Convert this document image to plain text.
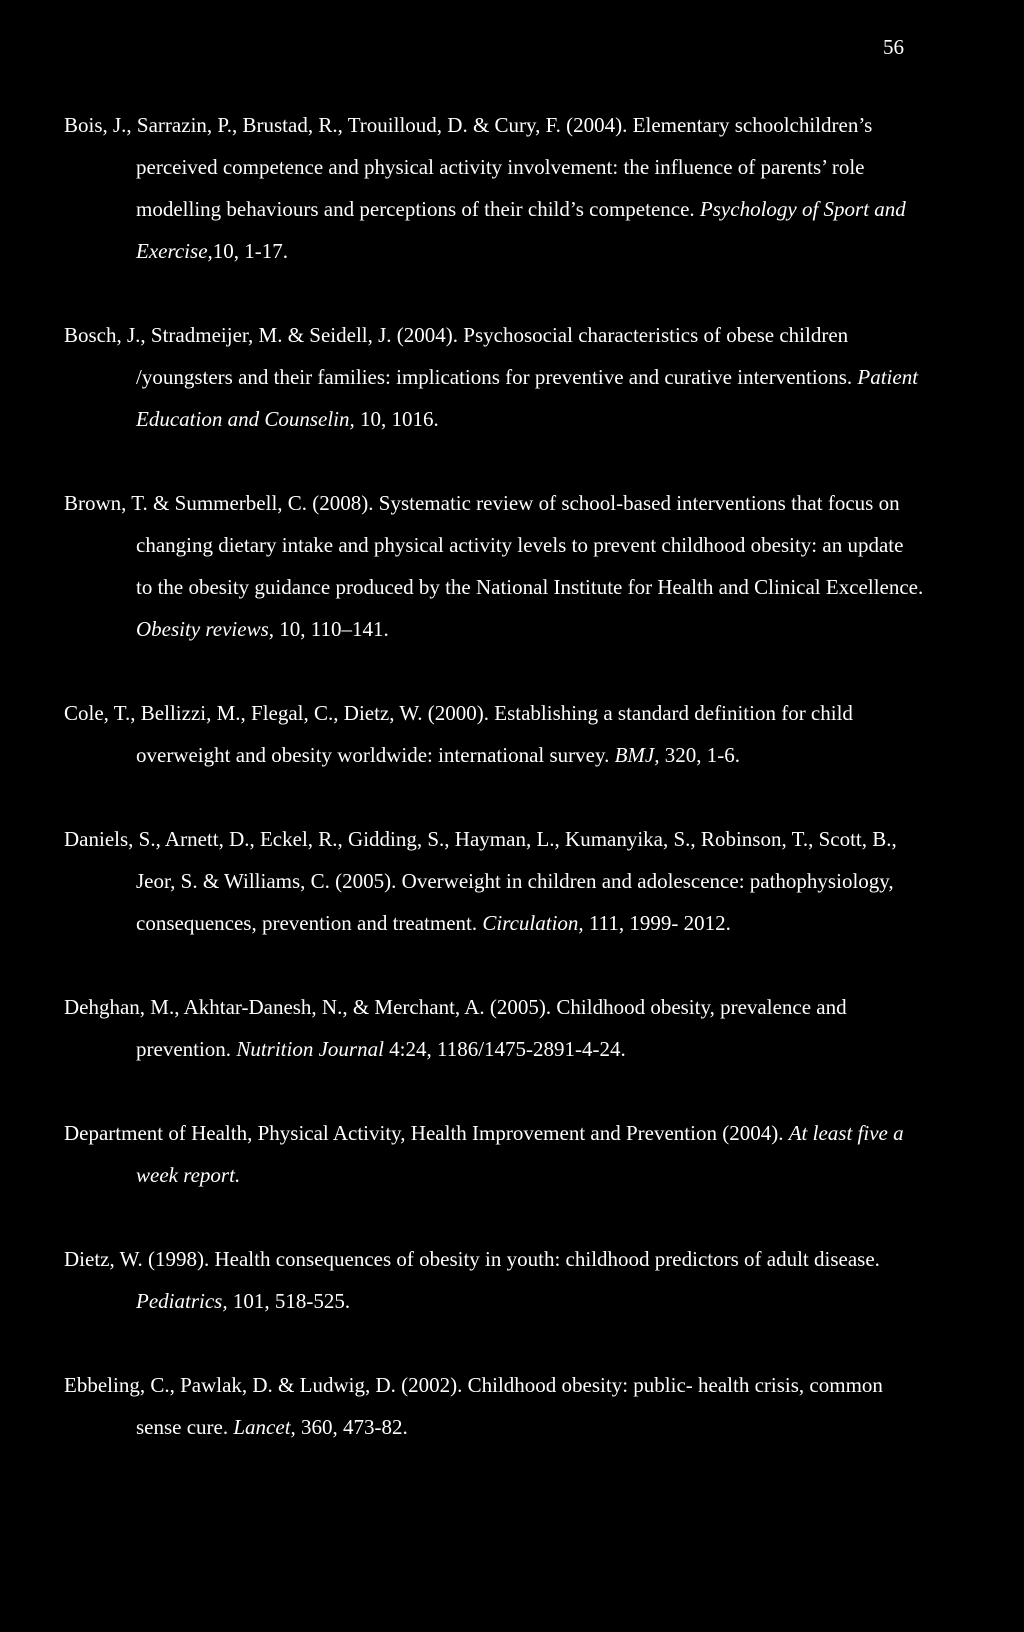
56

Bois, J., Sarrazin, P., Brustad, R., Trouilloud, D. & Cury, F. (2004). Elementary schoolchildren’s perceived competence and physical activity involvement: the influence of parents’ role modelling behaviours and perceptions of their child’s competence. Psychology of Sport and Exercise,10, 1-17.

Bosch, J., Stradmeijer, M. & Seidell, J. (2004). Psychosocial characteristics of obese children /youngsters and their families: implications for preventive and curative interventions. Patient Education and Counselin, 10, 1016.

Brown, T. & Summerbell, C. (2008). Systematic review of school-based interventions that focus on changing dietary intake and physical activity levels to prevent childhood obesity: an update to the obesity guidance produced by the National Institute for Health and Clinical Excellence. Obesity reviews, 10, 110–141.

Cole, T., Bellizzi, M., Flegal, C., Dietz, W. (2000). Establishing a standard definition for child overweight and obesity worldwide: international survey. BMJ, 320, 1-6.

Daniels, S., Arnett, D., Eckel, R., Gidding, S., Hayman, L., Kumanyika, S., Robinson, T., Scott, B., Jeor, S. & Williams, C. (2005). Overweight in children and adolescence: pathophysiology, consequences, prevention and treatment. Circulation, 111, 1999- 2012.

Dehghan, M., Akhtar-Danesh, N., & Merchant, A. (2005). Childhood obesity, prevalence and prevention. Nutrition Journal 4:24, 1186/1475-2891-4-24.

Department of Health, Physical Activity, Health Improvement and Prevention (2004). At least five a week report.

Dietz, W. (1998). Health consequences of obesity in youth: childhood predictors of adult disease. Pediatrics, 101, 518-525.

Ebbeling, C., Pawlak, D. & Ludwig, D. (2002). Childhood obesity: public- health crisis, common sense cure. Lancet, 360, 473-82.
